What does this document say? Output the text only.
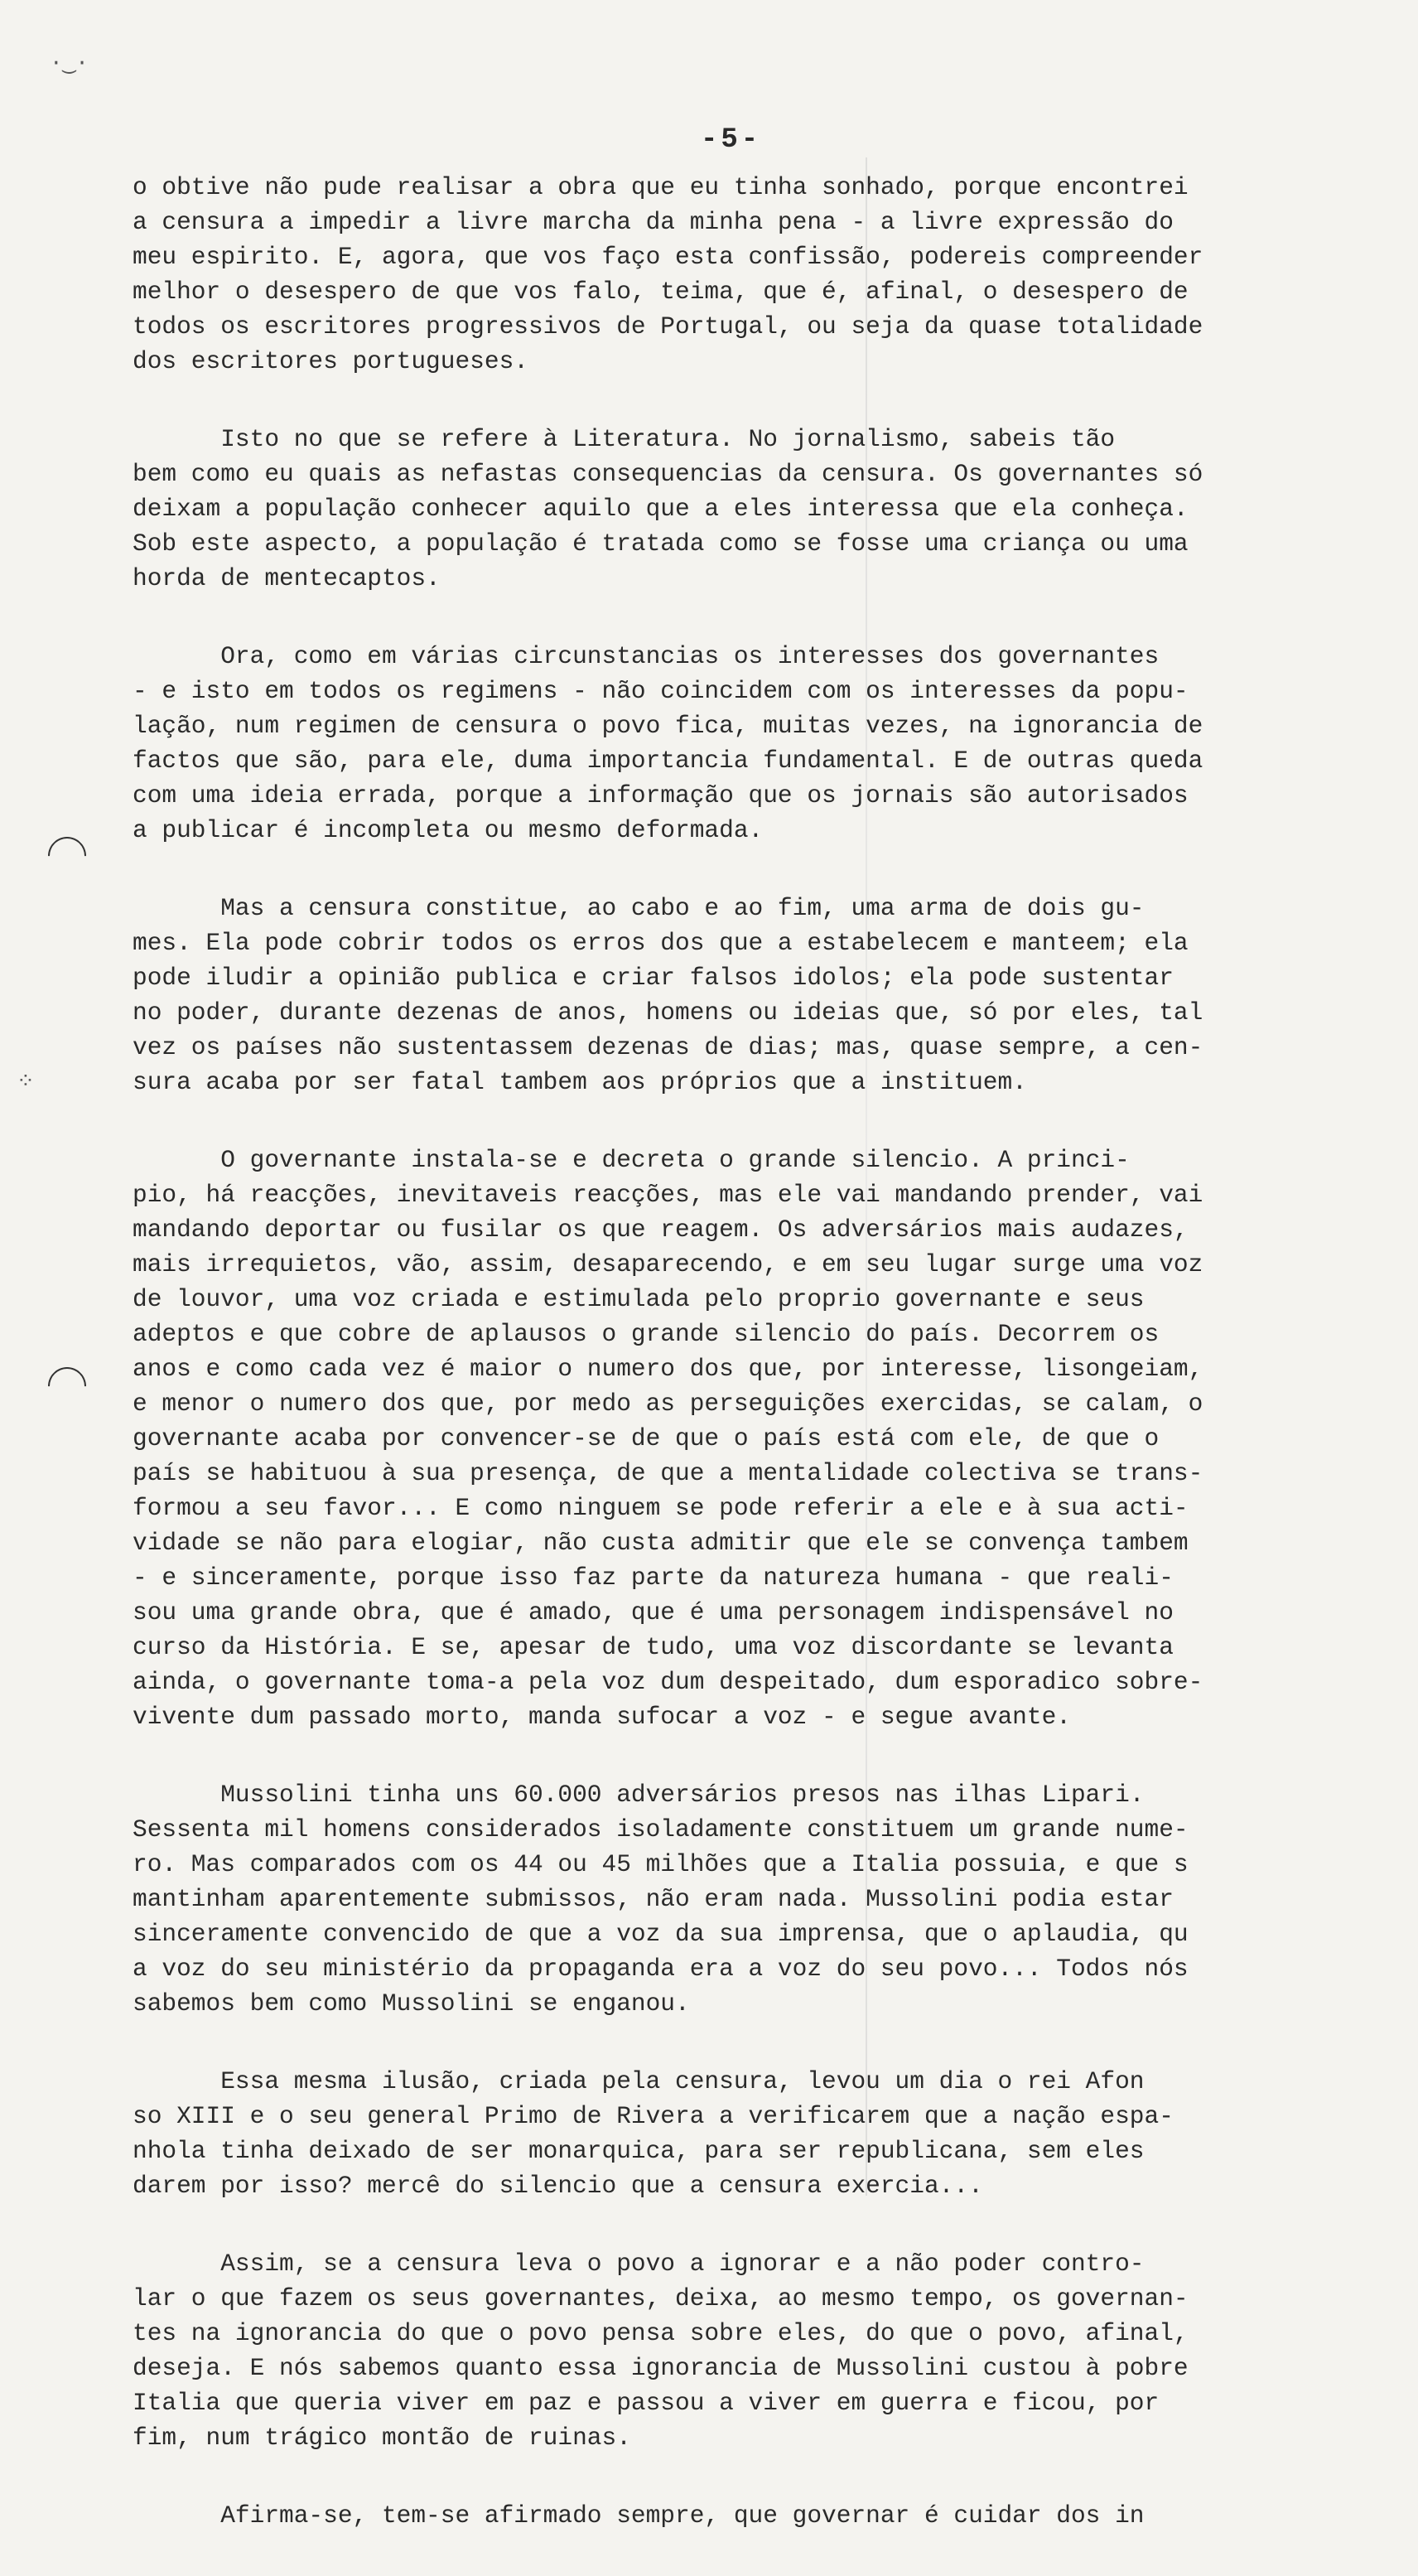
·‿·
⁘
-5-

o obtive não pude realisar a obra que eu tinha sonhado, porque encontrei
a censura a impedir a livre marcha da minha pena - a livre expressão do
meu espirito. E, agora, que vos faço esta confissão, podereis compreender
melhor o desespero de que vos falo, teima, que é, afinal, o desespero de
todos os escritores progressivos de Portugal, ou seja da quase totalidade
dos escritores portugueses.

Isto no que se refere à Literatura. No jornalismo, sabeis tão
bem como eu quais as nefastas consequencias da censura. Os governantes só
deixam a população conhecer aquilo que a eles interessa que ela conheça.
Sob este aspecto, a população é tratada como se fosse uma criança ou uma
horda de mentecaptos.

Ora, como em várias circunstancias os interesses dos governantes
- e isto em todos os regimens - não coincidem com os interesses da popu-
lação, num regimen de censura o povo fica, muitas vezes, na ignorancia de
factos que são, para ele, duma importancia fundamental. E de outras queda
com uma ideia errada, porque a informação que os jornais são autorisados
a publicar é incompleta ou mesmo deformada.

Mas a censura constitue, ao cabo e ao fim, uma arma de dois gu-
mes. Ela pode cobrir todos os erros dos que a estabelecem e manteem; ela
pode iludir a opinião publica e criar falsos idolos; ela pode sustentar
no poder, durante dezenas de anos, homens ou ideias que, só por eles, tal
vez os países não sustentassem dezenas de dias; mas, quase sempre, a cen-
sura acaba por ser fatal tambem aos próprios que a instituem.

O governante instala-se e decreta o grande silencio. A princi-
pio, há reacções, inevitaveis reacções, mas ele vai mandando prender, vai
mandando deportar ou fusilar os que reagem. Os adversários mais audazes,
mais irrequietos, vão, assim, desaparecendo, e em seu lugar surge uma voz
de louvor, uma voz criada e estimulada pelo proprio governante e seus
adeptos e que cobre de aplausos o grande silencio do país. Decorrem os
anos e como cada vez é maior o numero dos que, por interesse, lisongeiam,
e menor o numero dos que, por medo as perseguições exercidas, se calam, o
governante acaba por convencer-se de que o país está com ele, de que o
país se habituou à sua presença, de que a mentalidade colectiva se trans-
formou a seu favor... E como ninguem se pode referir a ele e à sua acti-
vidade se não para elogiar, não custa admitir que ele se convença tambem
- e sinceramente, porque isso faz parte da natureza humana - que reali-
sou uma grande obra, que é amado, que é uma personagem indispensável no
curso da História. E se, apesar de tudo, uma voz discordante se levanta
ainda, o governante toma-a pela voz dum despeitado, dum esporadico sobre-
vivente dum passado morto, manda sufocar a voz - e segue avante.

Mussolini tinha uns 60.000 adversários presos nas ilhas Lipari.
Sessenta mil homens considerados isoladamente constituem um grande nume-
ro. Mas comparados com os 44 ou 45 milhões que a Italia possuia, e que s
mantinham aparentemente submissos, não eram nada. Mussolini podia estar
sinceramente convencido de que a voz da sua imprensa, que o aplaudia, qu
a voz do seu ministério da propaganda era a voz do seu povo... Todos nós
sabemos bem como Mussolini se enganou.

Essa mesma ilusão, criada pela censura, levou um dia o rei Afon
so XIII e o seu general Primo de Rivera a verificarem que a nação espa-
nhola tinha deixado de ser monarquica, para ser republicana, sem eles
darem por isso? mercê do silencio que a censura exercia...

Assim, se a censura leva o povo a ignorar e a não poder contro-
lar o que fazem os seus governantes, deixa, ao mesmo tempo, os governan-
tes na ignorancia do que o povo pensa sobre eles, do que o povo, afinal,
deseja. E nós sabemos quanto essa ignorancia de Mussolini custou à pobre
Italia que queria viver em paz e passou a viver em guerra e ficou, por
fim, num trágico montão de ruinas.

Afirma-se, tem-se afirmado sempre, que governar é cuidar dos in
